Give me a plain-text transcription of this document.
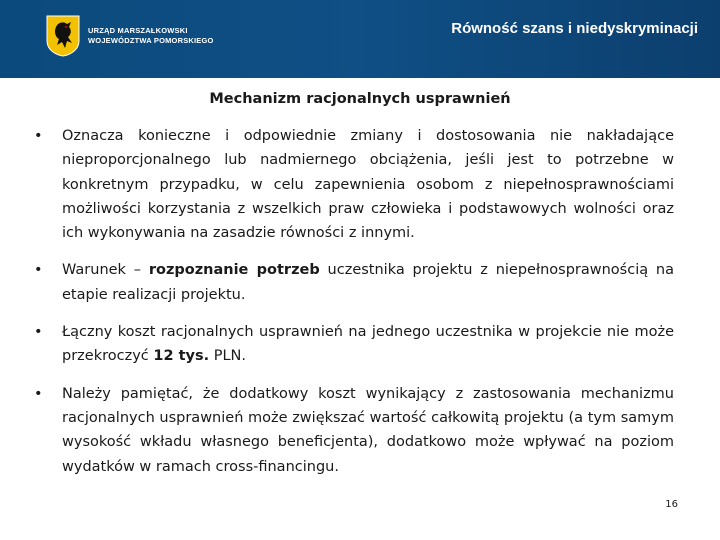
URZĄD MARSZAŁKOWSKI
WOJEWÓDZTWA POMORSKIEGO
Równość szans i niedyskryminacji
Mechanizm racjonalnych usprawnień
• Oznacza konieczne i odpowiednie zmiany i dostosowania nie nakładające nieproporcjonalnego lub nadmiernego obciążenia, jeśli jest to potrzebne w konkretnym przypadku, w celu zapewnienia osobom z niepełnosprawnościami możliwości korzystania z wszelkich praw człowieka i podstawowych wolności oraz ich wykonywania na zasadzie równości z innymi.
• Warunek – rozpoznanie potrzeb uczestnika projektu z niepełnosprawnością na etapie realizacji projektu.
• Łączny koszt racjonalnych usprawnień na jednego uczestnika w projekcie nie może przekroczyć 12 tys. PLN.
• Należy pamiętać, że dodatkowy koszt wynikający z zastosowania mechanizmu racjonalnych usprawnień może zwiększać wartość całkowitą projektu (a tym samym wysokość wkładu własnego beneficjenta), dodatkowo może wpływać na poziom wydatków w ramach cross-financingu.
16
